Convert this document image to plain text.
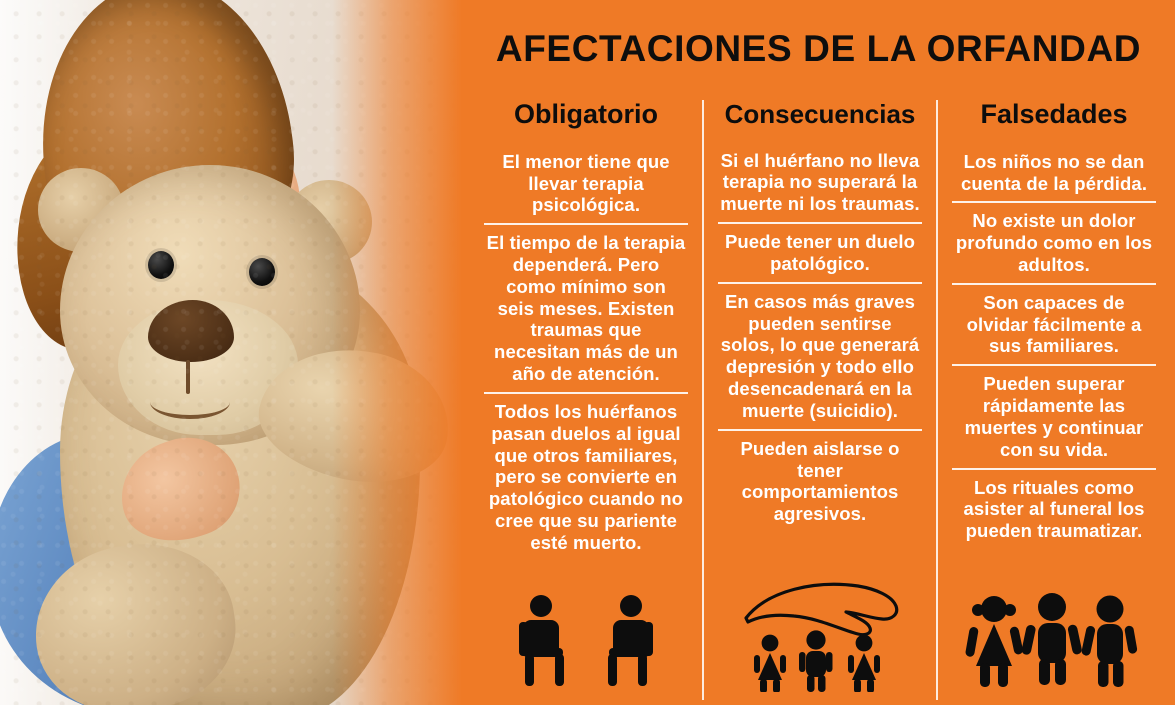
AFECTACIONES DE LA ORFANDAD
Obligatorio
El menor tiene que llevar terapia psicológica.
El tiempo de la terapia dependerá. Pero como mínimo son seis meses. Existen traumas que necesitan más de un año de atención.
Todos los huérfanos pasan duelos al igual que otros familiares, pero se convierte en patológico cuando no cree que su pariente esté muerto.
Consecuencias
Si el huérfano no lleva terapia no superará la muerte ni los traumas.
Puede tener un duelo patológico.
En casos más graves pueden sentirse solos, lo que generará depresión y todo ello desencadenará en la muerte (suicidio).
Pueden aislarse o tener comportamientos agresivos.
Falsedades
Los niños no se dan cuenta de la pérdida.
No existe un dolor profundo como en los adultos.
Son capaces de olvidar fácilmente a sus familiares.
Pueden superar rápidamente las muertes y continuar con su vida.
Los rituales como asister al funeral los pueden traumatizar.
